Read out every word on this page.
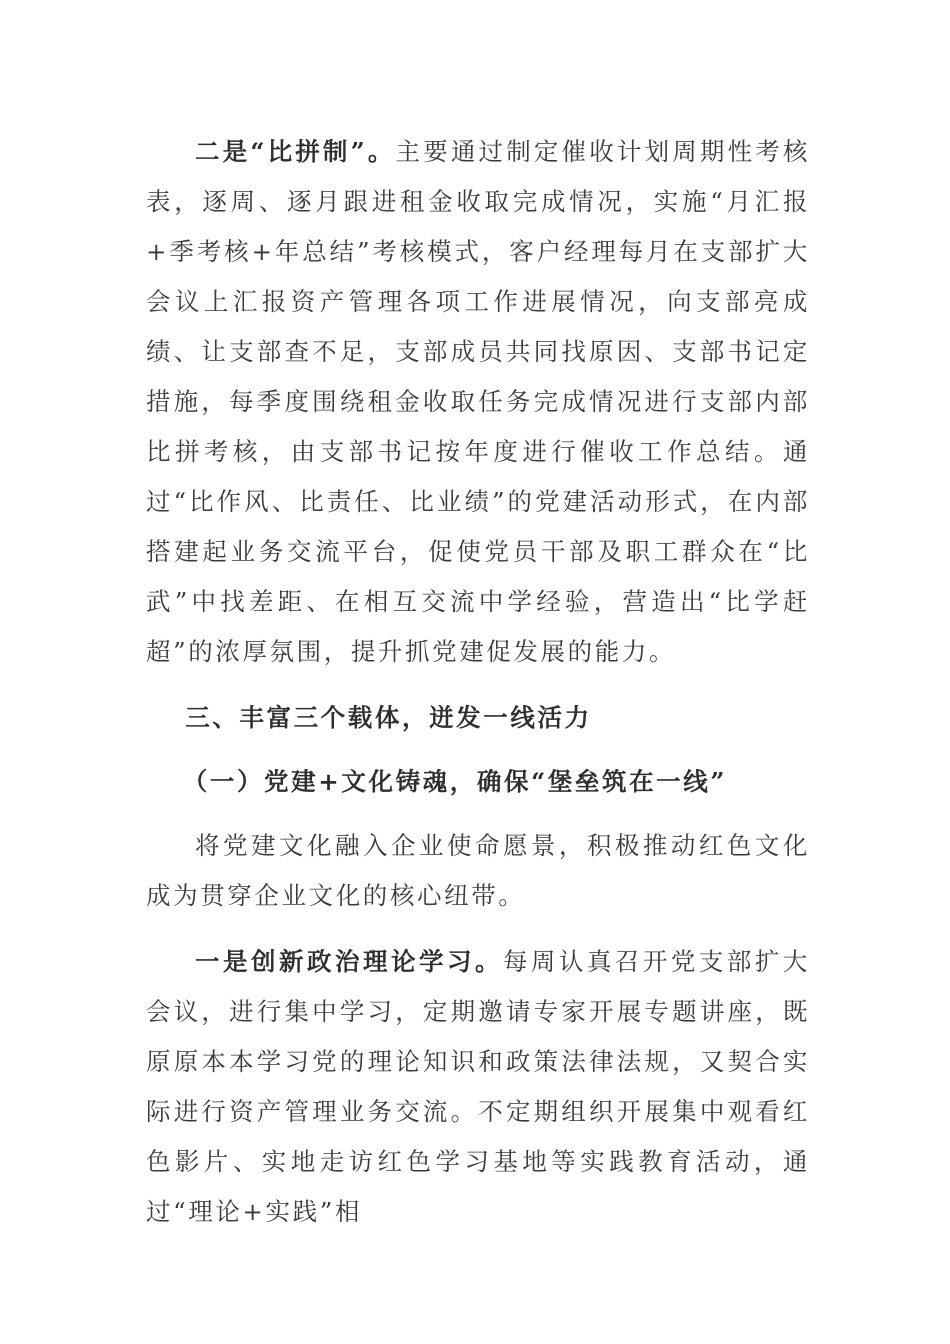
二是“比拼制”。主要通过制定催收计划周期性考核表，逐周、逐月跟进租金收取完成情况，实施“月汇报+季考核+年总结”考核模式，客户经理每月在支部扩大会议上汇报资产管理各项工作进展情况，向支部亮成绩、让支部查不足，支部成员共同找原因、支部书记定措施，每季度围绕租金收取任务完成情况进行支部内部比拼考核，由支部书记按年度进行催收工作总结。通过“比作风、比责任、比业绩”的党建活动形式，在内部搭建起业务交流平台，促使党员干部及职工群众在“比武”中找差距、在相互交流中学经验，营造出“比学赶超”的浓厚氛围，提升抓党建促发展的能力。

三、丰富三个载体，迸发一线活力

（一）党建+文化铸魂，确保“堡垒筑在一线”

将党建文化融入企业使命愿景，积极推动红色文化成为贯穿企业文化的核心纽带。

一是创新政治理论学习。每周认真召开党支部扩大会议，进行集中学习，定期邀请专家开展专题讲座，既原原本本学习党的理论知识和政策法律法规，又契合实际进行资产管理业务交流。不定期组织开展集中观看红色影片、实地走访红色学习基地等实践教育活动，通过“理论+实践”相
